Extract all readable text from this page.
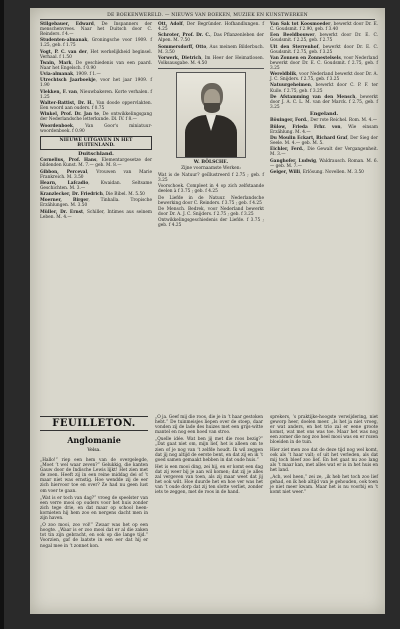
DE BOEKENWERELD. — NIEUWS VAN BOEKEN, MUZIEK EN KUNSTWERKEN
Stilgebauer, Edward, De Inspanners der menschenvrees. Naar het Duitsch door C. Reinders. f 4.—
Studenten-almanak, Groningsche voor 1909. f 1.25, geb. f 1.75
Vogt, P. C. van der, Het werkelijkheid beginsel. Verhaal. f 1.50
Twain, Mark, De geschiedenis van een paard. Naar het Engelsch. f 0.90
Uvia-almanak, 1909. f 1.—
Utrechtsch Jaarboekje, voor het jaar 1909. f 1.90
Vlekken, F. van, Nieuwbakeren. Korte verhalen. f 1.25
Walter-Battist, Dr. H., Van doode oppervlakten. Een woord aan ouders. f 0.75
Winkel, Prof. Dr. Jan te, De ontwikkelingsgang der Nederlandsche letterkunde. Dl. IV. f 8.—
Woordenboek, Van Goor's miniatuur-woordenboek. f 0.90
NIEUWE UITGAVEN IN HET BUITENLAND.
Duitschland.
Cornelius, Prof. Hans, Elementargesetze der bildenden Kunst. M. 7.— geb. M. 8.—
Gibbon, Perceval, Vrouwen van Marie Frankreich. M. 3.50
Hearn, Lafcadio, Kwaidan. Seltsame Geschichten. M. 3.—
Kranzlecker, Dr. Friedrich, Die Bibel. M. 5.50
Moerner, Birger, Tinhalla. Tropische Erzählungen. M. 3.50
Müller, Dr. Ernst, Schiller, Intimes aus seinem Leben. M. 4.—
Ott, Adolf, Der Begründer. Hofhandlungen. f 4.25
Schroter, Prof. Dr. C., Das Pflanzenleben der Alpen. M. 7.50
Sommersdorff, Otto, Aus meinem Bilderbuch. M. 3.50
Vorwerk, Dietrich, Im Heer der Heimatlosen. Volksausgabe. M. 4.50
W. BÖLSCHE.
Zijne voornaamste Werken:
Wat is de Natuur? geïllustreerd f 2.75 ; geb. f 3.25
Voorschoek. Compleet in 4 op zich zelfstaande deelen à f 3.75 ; geb. f 4.25
De Liefde in de Natuur. Nederlandsche bewerking door C. Reinders. f 3.75 ; geb. f 4.25
De Mensch. Bedrek, voor Nederland bewerkt door Dr. A. J. C. Snijders. f 2.75 ; geb. f 3.25
Ontwikkelingsgeschiedenis der Liefde. f 3.75 ; geb. f 4.25
Van Sak tot Koosmoeder, bewerkt door Dr. E. C. Goudsmit. f 2.90, geb. f 3.40
Een Beeldbouwer, bewerkt door Dr. E. C. Goudsmit. f 2.25, geb. f 2.75
Uit den Sterrenhof, bewerkt door Dr. E. C. Goudsmit. f 2.75, geb. f 3.25
Van Zonnen en Zonnestelsels, voor Nederland bewerkt door Dr. E. C. Goudsmit. f 2.75, geb. f 3.25
Wereldblik, voor Nederland bewerkt door Dr. A. J. C. Snijders. f 2.75, geb. f 3.25
Natuurgeheimen, bewerkt door C. P. F. ter Kuile. f 2.75, geb. f 3.25
De Afstamming van den Mensch, bewerkt door J. A. C. L. M. van der Marck. f 2.75, geb. f 3.25
Engeland.
Böuinger, Ford., Der rote Reichel. Rom. M. 4.—
Bülow, Frieda Frhr. von, Wie einsam Erzählung. M. 4.—
Du Moulin Eckart, Richard Graf, Der Sieg der Seele. M. 4.— geb. M. 5.
Eichler, Ferd., Die Gewalt der Vergangenheit. M. 3.—
Ganghofer, Ludwig, Waldrausch. Roman. M. 6.— geb. M. 7.—
Geiger, Willi, Erlösung. Novellen. M. 3.50
FEUILLETON.
Anglomanie
Velsa.

„Hallo!” riep een hem van de overgelegde, „Moet ’t wel waar zeven?” Gelukkig, die kanten Gauw door de Indische Lewis lijkt! Het zien met de zoen. Heeft zij in een reine middag dei of ’t maar niet was ernstig. Hoe wendde zij de eer zich hiervoor toe en over? Ze had nu geen lust om voer te gaan.

„Wat is er toch van dag?” vroeg de speelster van een verre mooi op ouders voor het huis zonder zich tege drie, en dat maar op school heen-kornieten hij hem zoo en nergens dacht men in zijn haven.

„O zoo mooi, zoo vol!” Zwaar was het op een hoogte. „Waar is er zoo mooi dat er al die zaken tot tin zijn gebracht, en ook op die lange tijd.” Voorzien, gaf de laatste in een eer dat hij er nogal mee in ’t zonnet kon.

„O ja. Geef mij die roos, die je in ’t haar gestoken hebt.” De tuinmeisjes liepen over de stoep, daar vonden zij de lade des huizes met een grijs-witte mantel en nog een hoed van stroo.

„Quelle idée. Wat ben jij met die roos bezig?” „Dat gaat niet om, mijn lief, het is alleen om te zien of je nog van ’t zelfde houdt. Ik wil zeggen dat jij nog altijd de eerste bent, en dat zij en ik ’t goed samen gemaakt hebben in dat oude huis.”

Het is een mooi ding, zei hij, en er komt een dag dat zij weer bij je aan wil komen; dat zij je alles zal vergeven van toen, als zij maar weet dat jij het ook wilt. Hoe duurde het en hoe ver was het van ’t oude dorp dat zij ten slotte verliet, zonder iets te zeggen, met de roos in de hand.

sprekers, ‘s praktijke-hoogste verwijdering, niet geworp heer, doelen meer. „Is het ja niet vroeg, er wat anders, en het trio zal er eene groote komst, wat met ons was toe. Maar het was nog een zomer die nog zoo heel mooi was en er rozen bloeiden in de tuin.

Hier ziet men zoo dat de deze tijd nog wel komt, ook als ’t haar valt; of uit het verleden, als dat mij toch bleef zoo lief. En het gaat nu zoo lang als ’t maar kan, met alles wat er is in het huis en het land.

„Ach, wel heen,” zei ze, „ik heb het toch zoo lief gehad, en ik heb altijd van je gehouden, ook toen je niet meer kwam. Maar het is nu voorbij en ’t komt niet weer.”
